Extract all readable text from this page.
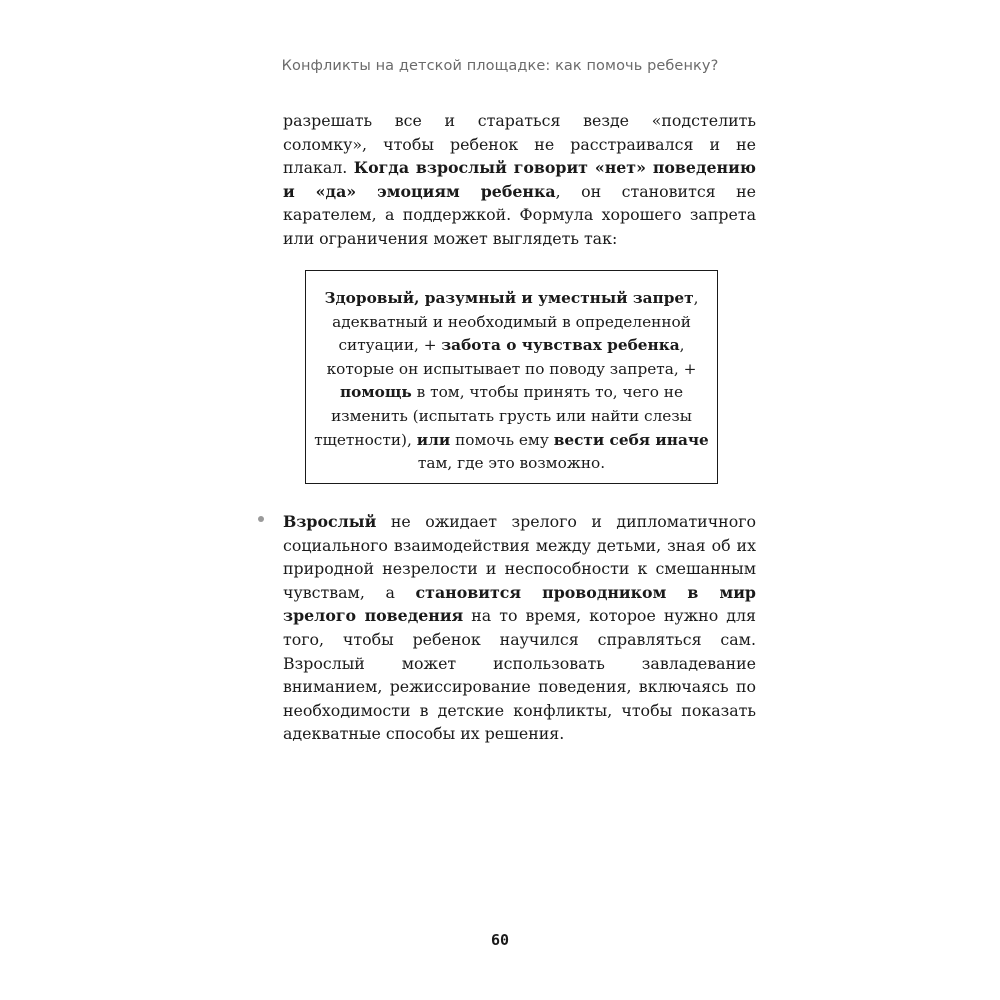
Конфликты на детской площадке: как помочь ребенку?

разрешать все и стараться везде «подстелить соломку», чтобы ребенок не расстраивался и не плакал. Когда взрослый говорит «нет» поведению и «да» эмоциям ребенка, он становится не карателем, а поддержкой. Формула хорошего запрета или ограничения может выглядеть так:

Здоровый, разумный и уместный запрет, адекватный и необходимый в определенной ситуации, + забота о чувствах ребенка, которые он испытывает по поводу запрета, + помощь в том, чтобы принять то, чего не изменить (испытать грусть или найти слезы тщетности), или помочь ему вести себя иначе там, где это возможно.

Взрослый не ожидает зрелого и дипломатичного социального взаимодействия между детьми, зная об их природной незрелости и неспособности к смешанным чувствам, а становится проводником в мир зрелого поведения на то время, которое нужно для того, чтобы ребенок научился справляться сам. Взрослый может использовать завладевание вниманием, режиссирование поведения, включаясь по необходимости в детские конфликты, чтобы показать адекватные способы их решения.

60
